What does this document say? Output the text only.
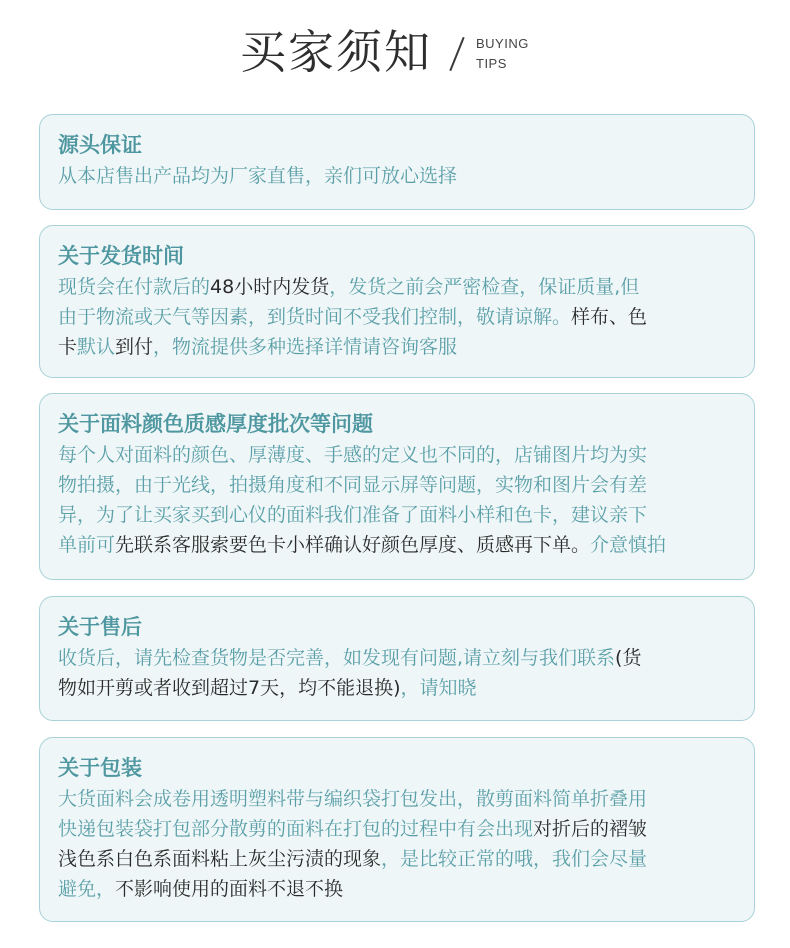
买家须知	BUYING
TIPS
源头保证

从本店售出产品均为厂家直售，亲们可放心选择

关于发货时间

现货会在付款后的48小时内发货，发货之前会严密检查，保证质量,但

由于物流或天气等因素，到货时间不受我们控制，敬请谅解。样布、色

卡默认到付，物流提供多种选择详情请咨询客服

关于面料颜色质感厚度批次等问题

每个人对面料的颜色、厚薄度、手感的定义也不同的，店铺图片均为实

物拍摄，由于光线，拍摄角度和不同显示屏等问题，实物和图片会有差

异，为了让买家买到心仪的面料我们准备了面料小样和色卡，建议亲下

单前可先联系客服索要色卡小样确认好颜色厚度、质感再下单。介意慎拍

关于售后

收货后，请先检查货物是否完善，如发现有问题,请立刻与我们联系(货

物如开剪或者收到超过7天，均不能退换)，请知晓

关于包装

大货面料会成卷用透明塑料带与编织袋打包发出，散剪面料简单折叠用

快递包装袋打包部分散剪的面料在打包的过程中有会出现对折后的褶皱

浅色系白色系面料粘上灰尘污渍的现象，是比较正常的哦，我们会尽量

避免，不影响使用的面料不退不换
